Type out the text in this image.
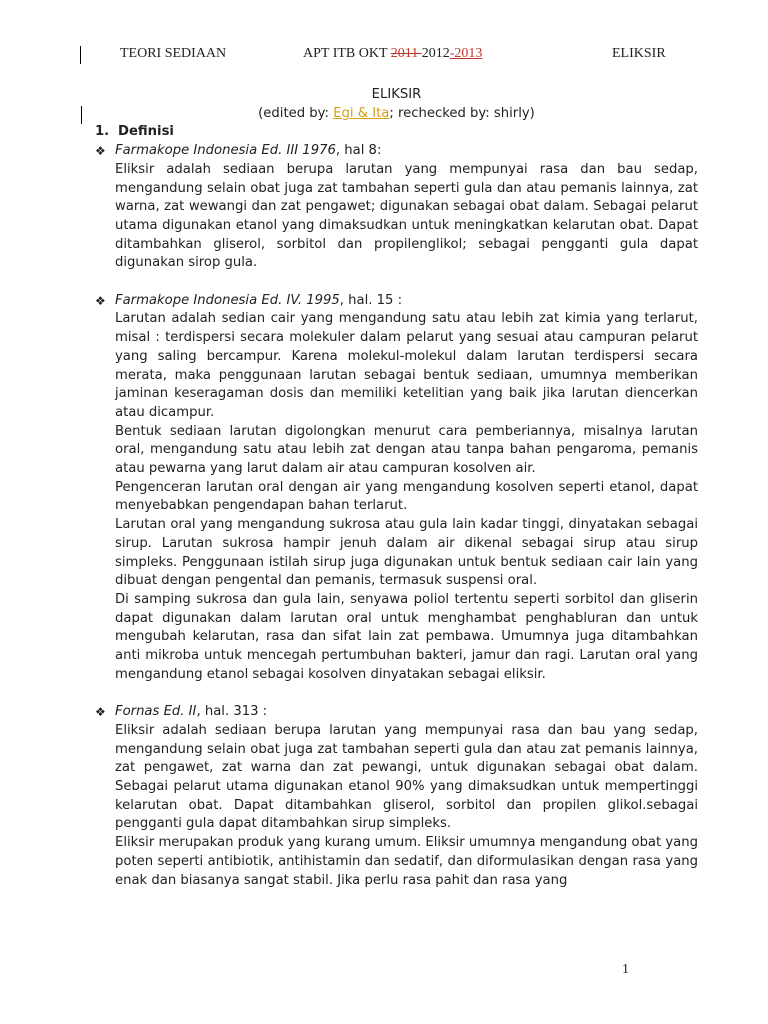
TEORI SEDIAAN	APT ITB OKT 2011 2012-2013	ELIKSIR

ELIKSIR

(edited by: Egi & Ita; rechecked by: shirly)

1. Definisi
❖ Farmakope Indonesia Ed. III 1976, hal 8:

Eliksir adalah sediaan berupa larutan yang mempunyai rasa dan bau sedap, mengandung selain obat juga zat tambahan seperti gula dan atau pemanis lainnya, zat warna, zat wewangi dan zat pengawet; digunakan sebagai obat dalam. Sebagai pelarut utama digunakan etanol yang dimaksudkan untuk meningkatkan kelarutan obat. Dapat ditambahkan gliserol, sorbitol dan propilenglikol; sebagai pengganti gula dapat digunakan sirop gula.

❖ Farmakope Indonesia Ed. IV. 1995, hal. 15 :

Larutan adalah sedian cair yang mengandung satu atau lebih zat kimia yang terlarut, misal : terdispersi secara molekuler dalam pelarut yang sesuai atau campuran pelarut yang saling bercampur. Karena molekul-molekul dalam larutan terdispersi secara merata, maka penggunaan larutan sebagai bentuk sediaan, umumnya memberikan jaminan keseragaman dosis dan memiliki ketelitian yang baik jika larutan diencerkan atau dicampur.

Bentuk sediaan larutan digolongkan menurut cara pemberiannya, misalnya larutan oral, mengandung satu atau lebih zat dengan atau tanpa bahan pengaroma, pemanis atau pewarna yang larut dalam air atau campuran kosolven air.

Pengenceran larutan oral dengan air yang mengandung kosolven seperti etanol, dapat menyebabkan pengendapan bahan terlarut.

Larutan oral yang mengandung sukrosa atau gula lain kadar tinggi, dinyatakan sebagai sirup. Larutan sukrosa hampir jenuh dalam air dikenal sebagai sirup atau sirup simpleks. Penggunaan istilah sirup juga digunakan untuk bentuk sediaan cair lain yang dibuat dengan pengental dan pemanis, termasuk suspensi oral.

Di samping sukrosa dan gula lain, senyawa poliol tertentu seperti sorbitol dan gliserin dapat digunakan dalam larutan oral untuk menghambat penghabluran dan untuk mengubah kelarutan, rasa dan sifat lain zat pembawa. Umumnya juga ditambahkan anti mikroba untuk mencegah pertumbuhan bakteri, jamur dan ragi. Larutan oral yang mengandung etanol sebagai kosolven dinyatakan sebagai eliksir.

❖ Fornas Ed. II, hal. 313 :

Eliksir adalah sediaan berupa larutan yang mempunyai rasa dan bau yang sedap, mengandung selain obat juga zat tambahan seperti gula dan atau zat pemanis lainnya, zat pengawet, zat warna dan zat pewangi, untuk digunakan sebagai obat dalam. Sebagai pelarut utama digunakan etanol 90% yang dimaksudkan untuk mempertinggi kelarutan obat. Dapat ditambahkan gliserol, sorbitol dan propilen glikol.sebagai pengganti gula dapat ditambahkan sirup simpleks.

Eliksir merupakan produk yang kurang umum. Eliksir umumnya mengandung obat yang poten seperti antibiotik, antihistamin dan sedatif, dan diformulasikan dengan rasa yang enak dan biasanya sangat stabil. Jika perlu rasa pahit dan rasa yang

1
